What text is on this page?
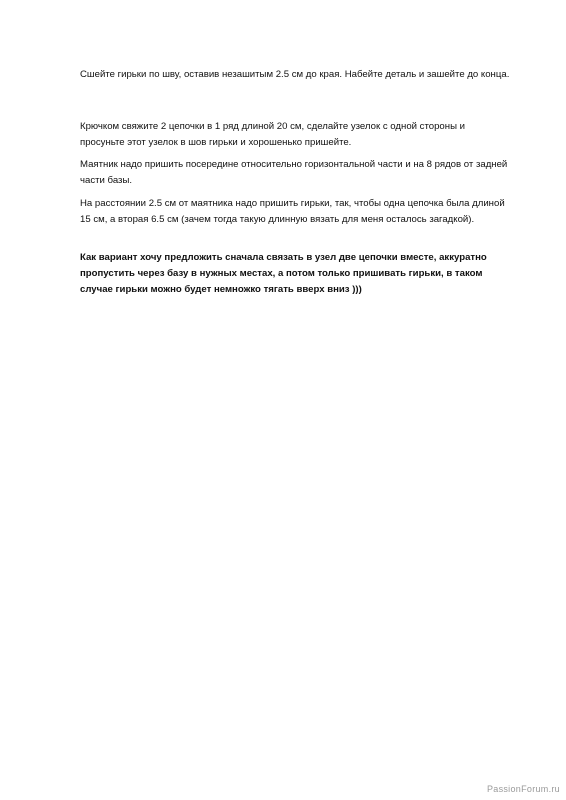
Сшейте гирьки по шву, оставив незашитым 2.5 см до края. Набейте деталь и зашейте до конца.

Крючком свяжите 2 цепочки в 1 ряд длиной 20 см, сделайте узелок с одной стороны и просуньте этот узелок в шов гирьки и хорошенько пришейте.

Маятник надо пришить посередине относительно горизонтальной части и на 8 рядов от задней части базы.

На расстоянии 2.5 см от маятника надо пришить гирьки, так, чтобы одна цепочка была длиной 15 см, а вторая 6.5 см (зачем тогда такую длинную вязать для меня осталось загадкой).

Как вариант хочу предложить сначала связать в узел две цепочки вместе, аккуратно пропустить через базу в нужных местах, а потом только пришивать гирьки, в таком случае гирьки можно будет немножко тягать вверх вниз )))

PassionForum.ru
